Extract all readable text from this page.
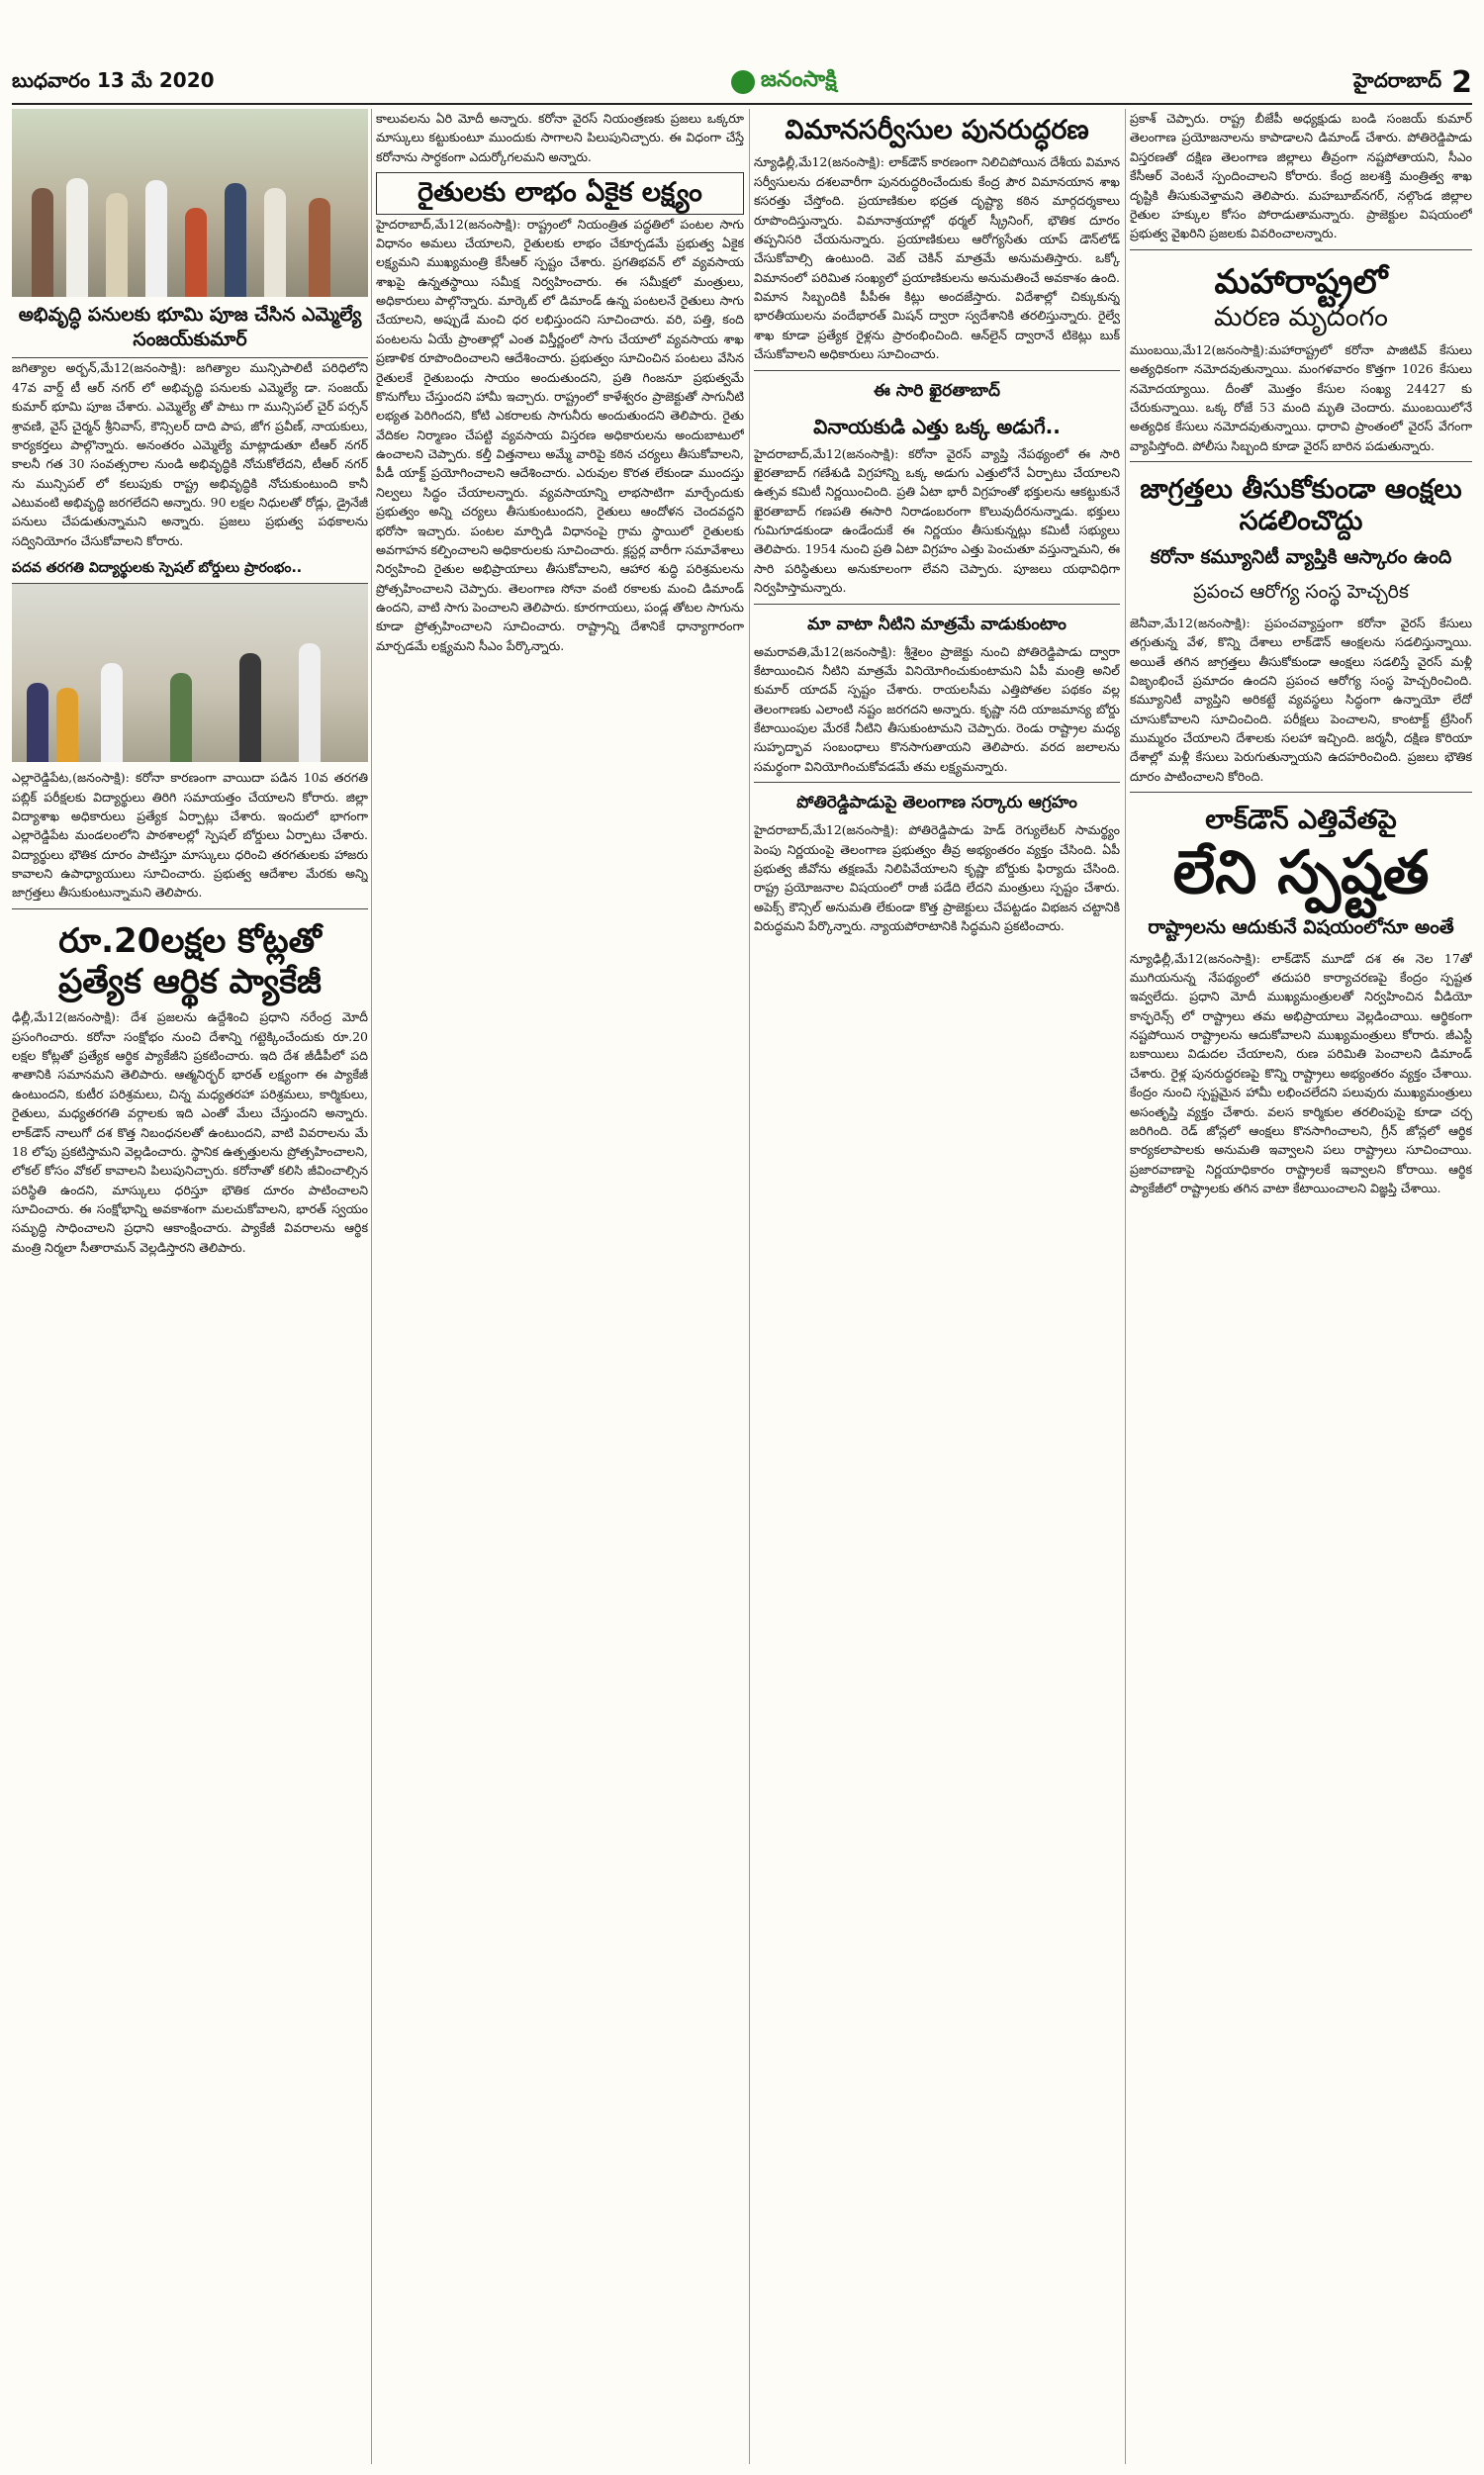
బుధవారం 13 మే 2020	జనంసాక్షి	హైదరాబాద్ 2
అభివృద్ధి పనులకు భూమి పూజ చేసిన ఎమ్మెల్యే సంజయ్‌కుమార్

జగిత్యాల అర్బన్,మే12(జనంసాక్షి): జగిత్యాల మున్సిపాలిటీ పరిధిలోని 47వ వార్డ్ టీ ఆర్ నగర్ లో అభివృద్ధి పనులకు ఎమ్మెల్యే డా. సంజయ్ కుమార్ భూమి పూజ చేశారు. ఎమ్మెల్యే తో పాటు గా మున్సిపల్ చైర్ పర్సన్ శ్రావణి, వైస్ చైర్మన్ శ్రీనివాస్, కౌన్సిలర్ దాది పాప, జోగ ప్రవీణ్, నాయకులు, కార్యకర్తలు పాల్గొన్నారు. అనంతరం ఎమ్మెల్యే మాట్లాడుతూ టీఆర్ నగర్ కాలనీ గత 30 సంవత్సరాల నుండి అభివృద్ధికి నోచుకోలేదని, టీఆర్ నగర్ ను మున్సిపల్ లో కలుపుకు రాష్ట్ర అభివృద్ధికి నోచుకుంటుంది కానీ ఎటువంటి అభివృద్ధి జరగలేదని అన్నారు. 90 లక్షల నిధులతో రోడ్లు, డ్రైనేజీ పనులు చేపడుతున్నామని అన్నారు. ప్రజలు ప్రభుత్వ పథకాలను సద్వినియోగం చేసుకోవాలని కోరారు.

పదవ తరగతి విద్యార్థులకు స్పెషల్ బోర్డులు ప్రారంభం..

ఎల్లారెడ్డిపేట,(జనంసాక్షి): కరోనా కారణంగా వాయిదా పడిన 10వ తరగతి పబ్లిక్ పరీక్షలకు విద్యార్థులు తిరిగి సమాయత్తం చేయాలని కోరారు. జిల్లా విద్యాశాఖ అధికారులు ప్రత్యేక ఏర్పాట్లు చేశారు. ఇందులో భాగంగా ఎల్లారెడ్డిపేట మండలంలోని పాఠశాలల్లో స్పెషల్ బోర్డులు ఏర్పాటు చేశారు. విద్యార్థులు భౌతిక దూరం పాటిస్తూ మాస్కులు ధరించి తరగతులకు హాజరు కావాలని ఉపాధ్యాయులు సూచించారు. ప్రభుత్వ ఆదేశాల మేరకు అన్ని జాగ్రత్తలు తీసుకుంటున్నామని తెలిపారు.

రూ.20లక్షల కోట్లతో ప్రత్యేక ఆర్థిక ప్యాకేజీ

ఢిల్లీ,మే12(జనంసాక్షి): దేశ ప్రజలను ఉద్దేశించి ప్రధాని నరేంద్ర మోదీ ప్రసంగించారు. కరోనా సంక్షోభం నుంచి దేశాన్ని గట్టెక్కించేందుకు రూ.20 లక్షల కోట్లతో ప్రత్యేక ఆర్థిక ప్యాకేజీని ప్రకటించారు. ఇది దేశ జీడీపీలో పది శాతానికి సమానమని తెలిపారు. ఆత్మనిర్భర్ భారత్ లక్ష్యంగా ఈ ప్యాకేజీ ఉంటుందని, కుటీర పరిశ్రమలు, చిన్న మధ్యతరహా పరిశ్రమలు, కార్మికులు, రైతులు, మధ్యతరగతి వర్గాలకు ఇది ఎంతో మేలు చేస్తుందని అన్నారు. లాక్‌డౌన్ నాలుగో దశ కొత్త నిబంధనలతో ఉంటుందని, వాటి వివరాలను మే 18 లోపు ప్రకటిస్తామని వెల్లడించారు. స్థానిక ఉత్పత్తులను ప్రోత్సహించాలని, లోకల్ కోసం వోకల్ కావాలని పిలుపునిచ్చారు. కరోనాతో కలిసి జీవించాల్సిన పరిస్థితి ఉందని, మాస్కులు ధరిస్తూ భౌతిక దూరం పాటించాలని సూచించారు. ఈ సంక్షోభాన్ని అవకాశంగా మలచుకోవాలని, భారత్ స్వయం సమృద్ధి సాధించాలని ప్రధాని ఆకాంక్షించారు. ప్యాకేజీ వివరాలను ఆర్థిక మంత్రి నిర్మలా సీతారామన్ వెల్లడిస్తారని తెలిపారు.

కాలువలను ఏరి మోదీ అన్నారు. కరోనా వైరస్ నియంత్రణకు ప్రజలు ఒక్కరూ మాస్కులు కట్టుకుంటూ ముందుకు సాగాలని పిలుపునిచ్చారు. ఈ విధంగా చేస్తే కరోనాను సార్ధకంగా ఎదుర్కోగలమని అన్నారు.

రైతులకు లాభం ఏకైక లక్ష్యం

హైదరాబాద్,మే12(జనంసాక్షి): రాష్ట్రంలో నియంత్రిత పద్ధతిలో పంటల సాగు విధానం అమలు చేయాలని, రైతులకు లాభం చేకూర్చడమే ప్రభుత్వ ఏకైక లక్ష్యమని ముఖ్యమంత్రి కేసీఆర్ స్పష్టం చేశారు. ప్రగతిభవన్ లో వ్యవసాయ శాఖపై ఉన్నతస్థాయి సమీక్ష నిర్వహించారు. ఈ సమీక్షలో మంత్రులు, అధికారులు పాల్గొన్నారు. మార్కెట్ లో డిమాండ్ ఉన్న పంటలనే రైతులు సాగు చేయాలని, అప్పుడే మంచి ధర లభిస్తుందని సూచించారు. వరి, పత్తి, కంది పంటలను ఏయే ప్రాంతాల్లో ఎంత విస్తీర్ణంలో సాగు చేయాలో వ్యవసాయ శాఖ ప్రణాళిక రూపొందించాలని ఆదేశించారు. ప్రభుత్వం సూచించిన పంటలు వేసిన రైతులకే రైతుబంధు సాయం అందుతుందని, ప్రతి గింజనూ ప్రభుత్వమే కొనుగోలు చేస్తుందని హామీ ఇచ్చారు. రాష్ట్రంలో కాళేశ్వరం ప్రాజెక్టుతో సాగునీటి లభ్యత పెరిగిందని, కోటి ఎకరాలకు సాగునీరు అందుతుందని తెలిపారు. రైతు వేదికల నిర్మాణం చేపట్టి వ్యవసాయ విస్తరణ అధికారులను అందుబాటులో ఉంచాలని చెప్పారు. కల్తీ విత్తనాలు అమ్మే వారిపై కఠిన చర్యలు తీసుకోవాలని, పీడీ యాక్ట్ ప్రయోగించాలని ఆదేశించారు. ఎరువుల కొరత లేకుండా ముందస్తు నిల్వలు సిద్ధం చేయాలన్నారు. వ్యవసాయాన్ని లాభసాటిగా మార్చేందుకు ప్రభుత్వం అన్ని చర్యలు తీసుకుంటుందని, రైతులు ఆందోళన చెందవద్దని భరోసా ఇచ్చారు. పంటల మార్పిడి విధానంపై గ్రామ స్థాయిలో రైతులకు అవగాహన కల్పించాలని అధికారులకు సూచించారు. క్లస్టర్ల వారీగా సమావేశాలు నిర్వహించి రైతుల అభిప్రాయాలు తీసుకోవాలని, ఆహార శుద్ధి పరిశ్రమలను ప్రోత్సహించాలని చెప్పారు. తెలంగాణ సోనా వంటి రకాలకు మంచి డిమాండ్ ఉందని, వాటి సాగు పెంచాలని తెలిపారు. కూరగాయలు, పండ్ల తోటల సాగును కూడా ప్రోత్సహించాలని సూచించారు. రాష్ట్రాన్ని దేశానికే ధాన్యాగారంగా మార్చడమే లక్ష్యమని సీఎం పేర్కొన్నారు.

విమానసర్వీసుల పునరుద్ధరణ

న్యూఢిల్లీ,మే12(జనంసాక్షి): లాక్‌డౌన్ కారణంగా నిలిచిపోయిన దేశీయ విమాన సర్వీసులను దశలవారీగా పునరుద్ధరించేందుకు కేంద్ర పౌర విమానయాన శాఖ కసరత్తు చేస్తోంది. ప్రయాణికుల భద్రత దృష్ట్యా కఠిన మార్గదర్శకాలు రూపొందిస్తున్నారు. విమానాశ్రయాల్లో థర్మల్ స్క్రీనింగ్, భౌతిక దూరం తప్పనిసరి చేయనున్నారు. ప్రయాణికులు ఆరోగ్యసేతు యాప్ డౌన్‌లోడ్ చేసుకోవాల్సి ఉంటుంది. వెబ్ చెకిన్ మాత్రమే అనుమతిస్తారు. ఒక్కో విమానంలో పరిమిత సంఖ్యలో ప్రయాణికులను అనుమతించే అవకాశం ఉంది. విమాన సిబ్బందికి పీపీఈ కిట్లు అందజేస్తారు. విదేశాల్లో చిక్కుకున్న భారతీయులను వందేభారత్ మిషన్ ద్వారా స్వదేశానికి తరలిస్తున్నారు. రైల్వే శాఖ కూడా ప్రత్యేక రైళ్లను ప్రారంభించింది. ఆన్‌లైన్ ద్వారానే టికెట్లు బుక్ చేసుకోవాలని అధికారులు సూచించారు.

ఈ సారి ఖైరతాబాద్
వినాయకుడి ఎత్తు ఒక్క అడుగే..

హైదరాబాద్,మే12(జనంసాక్షి): కరోనా వైరస్ వ్యాప్తి నేపథ్యంలో ఈ సారి ఖైరతాబాద్ గణేశుడి విగ్రహాన్ని ఒక్క అడుగు ఎత్తులోనే ఏర్పాటు చేయాలని ఉత్సవ కమిటీ నిర్ణయించింది. ప్రతి ఏటా భారీ విగ్రహంతో భక్తులను ఆకట్టుకునే ఖైరతాబాద్ గణపతి ఈసారి నిరాడంబరంగా కొలువుదీరనున్నాడు. భక్తులు గుమిగూడకుండా ఉండేందుకే ఈ నిర్ణయం తీసుకున్నట్లు కమిటీ సభ్యులు తెలిపారు. 1954 నుంచి ప్రతి ఏటా విగ్రహం ఎత్తు పెంచుతూ వస్తున్నామని, ఈ సారి పరిస్థితులు అనుకూలంగా లేవని చెప్పారు. పూజలు యథావిధిగా నిర్వహిస్తామన్నారు.

మా వాటా నీటిని మాత్రమే వాడుకుంటాం

అమరావతి,మే12(జనంసాక్షి): శ్రీశైలం ప్రాజెక్టు నుంచి పోతిరెడ్డిపాడు ద్వారా కేటాయించిన నీటిని మాత్రమే వినియోగించుకుంటామని ఏపీ మంత్రి అనిల్ కుమార్ యాదవ్ స్పష్టం చేశారు. రాయలసీమ ఎత్తిపోతల పథకం వల్ల తెలంగాణకు ఎలాంటి నష్టం జరగదని అన్నారు. కృష్ణా నది యాజమాన్య బోర్డు కేటాయింపుల మేరకే నీటిని తీసుకుంటామని చెప్పారు. రెండు రాష్ట్రాల మధ్య సుహృద్భావ సంబంధాలు కొనసాగుతాయని తెలిపారు. వరద జలాలను సమర్థంగా వినియోగించుకోవడమే తమ లక్ష్యమన్నారు.

పోతిరెడ్డిపాడుపై తెలంగాణ సర్కారు ఆగ్రహం

హైదరాబాద్,మే12(జనంసాక్షి): పోతిరెడ్డిపాడు హెడ్ రెగ్యులేటర్ సామర్థ్యం పెంపు నిర్ణయంపై తెలంగాణ ప్రభుత్వం తీవ్ర అభ్యంతరం వ్యక్తం చేసింది. ఏపీ ప్రభుత్వ జీవోను తక్షణమే నిలిపివేయాలని కృష్ణా బోర్డుకు ఫిర్యాదు చేసింది. రాష్ట్ర ప్రయోజనాల విషయంలో రాజీ పడేది లేదని మంత్రులు స్పష్టం చేశారు. అపెక్స్ కౌన్సిల్ అనుమతి లేకుండా కొత్త ప్రాజెక్టులు చేపట్టడం విభజన చట్టానికి విరుద్ధమని పేర్కొన్నారు. న్యాయపోరాటానికి సిద్ధమని ప్రకటించారు.

ప్రకాశ్ చెప్పారు. రాష్ట్ర బీజేపీ అధ్యక్షుడు బండి సంజయ్ కుమార్ తెలంగాణ ప్రయోజనాలను కాపాడాలని డిమాండ్ చేశారు. పోతిరెడ్డిపాడు విస్తరణతో దక్షిణ తెలంగాణ జిల్లాలు తీవ్రంగా నష్టపోతాయని, సీఎం కేసీఆర్ వెంటనే స్పందించాలని కోరారు. కేంద్ర జలశక్తి మంత్రిత్వ శాఖ దృష్టికి తీసుకువెళ్తామని తెలిపారు. మహబూబ్‌నగర్, నల్గొండ జిల్లాల రైతుల హక్కుల కోసం పోరాడుతామన్నారు. ప్రాజెక్టుల విషయంలో ప్రభుత్వ వైఖరిని ప్రజలకు వివరించాలన్నారు.

మహారాష్ట్రలో
మరణ మృదంగం

ముంబయి,మే12(జనంసాక్షి):మహారాష్ట్రలో కరోనా పాజిటివ్ కేసులు అత్యధికంగా నమోదవుతున్నాయి. మంగళవారం కొత్తగా 1026 కేసులు నమోదయ్యాయి. దీంతో మొత్తం కేసుల సంఖ్య 24427 కు చేరుకున్నాయి. ఒక్క రోజే 53 మంది మృతి చెందారు. ముంబయిలోనే అత్యధిక కేసులు నమోదవుతున్నాయి. ధారావి ప్రాంతంలో వైరస్ వేగంగా వ్యాపిస్తోంది. పోలీసు సిబ్బంది కూడా వైరస్ బారిన పడుతున్నారు.

జాగ్రత్తలు తీసుకోకుండా ఆంక్షలు సడలించొద్దు
కరోనా కమ్యూనిటీ వ్యాప్తికి ఆస్కారం ఉంది
ప్రపంచ ఆరోగ్య సంస్థ హెచ్చరిక

జెనీవా,మే12(జనంసాక్షి): ప్రపంచవ్యాప్తంగా కరోనా వైరస్ కేసులు తగ్గుతున్న వేళ, కొన్ని దేశాలు లాక్‌డౌన్ ఆంక్షలను సడలిస్తున్నాయి. అయితే తగిన జాగ్రత్తలు తీసుకోకుండా ఆంక్షలు సడలిస్తే వైరస్ మళ్లీ విజృంభించే ప్రమాదం ఉందని ప్రపంచ ఆరోగ్య సంస్థ హెచ్చరించింది. కమ్యూనిటీ వ్యాప్తిని అరికట్టే వ్యవస్థలు సిద్ధంగా ఉన్నాయో లేదో చూసుకోవాలని సూచించింది. పరీక్షలు పెంచాలని, కాంటాక్ట్ ట్రేసింగ్ ముమ్మరం చేయాలని దేశాలకు సలహా ఇచ్చింది. జర్మనీ, దక్షిణ కొరియా దేశాల్లో మళ్లీ కేసులు పెరుగుతున్నాయని ఉదహరించింది. ప్రజలు భౌతిక దూరం పాటించాలని కోరింది.

లాక్‌డౌన్ ఎత్తివేతపై
లేని స్పష్టత
రాష్ట్రాలను ఆదుకునే విషయంలోనూ అంతే

న్యూఢిల్లీ,మే12(జనంసాక్షి): లాక్‌డౌన్ మూడో దశ ఈ నెల 17తో ముగియనున్న నేపథ్యంలో తదుపరి కార్యాచరణపై కేంద్రం స్పష్టత ఇవ్వలేదు. ప్రధాని మోదీ ముఖ్యమంత్రులతో నిర్వహించిన వీడియో కాన్ఫరెన్స్ లో రాష్ట్రాలు తమ అభిప్రాయాలు వెల్లడించాయి. ఆర్థికంగా నష్టపోయిన రాష్ట్రాలను ఆదుకోవాలని ముఖ్యమంత్రులు కోరారు. జీఎస్టీ బకాయిలు విడుదల చేయాలని, రుణ పరిమితి పెంచాలని డిమాండ్ చేశారు. రైళ్ల పునరుద్ధరణపై కొన్ని రాష్ట్రాలు అభ్యంతరం వ్యక్తం చేశాయి. కేంద్రం నుంచి స్పష్టమైన హామీ లభించలేదని పలువురు ముఖ్యమంత్రులు అసంతృప్తి వ్యక్తం చేశారు. వలస కార్మికుల తరలింపుపై కూడా చర్చ జరిగింది. రెడ్ జోన్లలో ఆంక్షలు కొనసాగించాలని, గ్రీన్ జోన్లలో ఆర్థిక కార్యకలాపాలకు అనుమతి ఇవ్వాలని పలు రాష్ట్రాలు సూచించాయి. ప్రజారవాణాపై నిర్ణయాధికారం రాష్ట్రాలకే ఇవ్వాలని కోరాయి. ఆర్థిక ప్యాకేజీలో రాష్ట్రాలకు తగిన వాటా కేటాయించాలని విజ్ఞప్తి చేశాయి.
